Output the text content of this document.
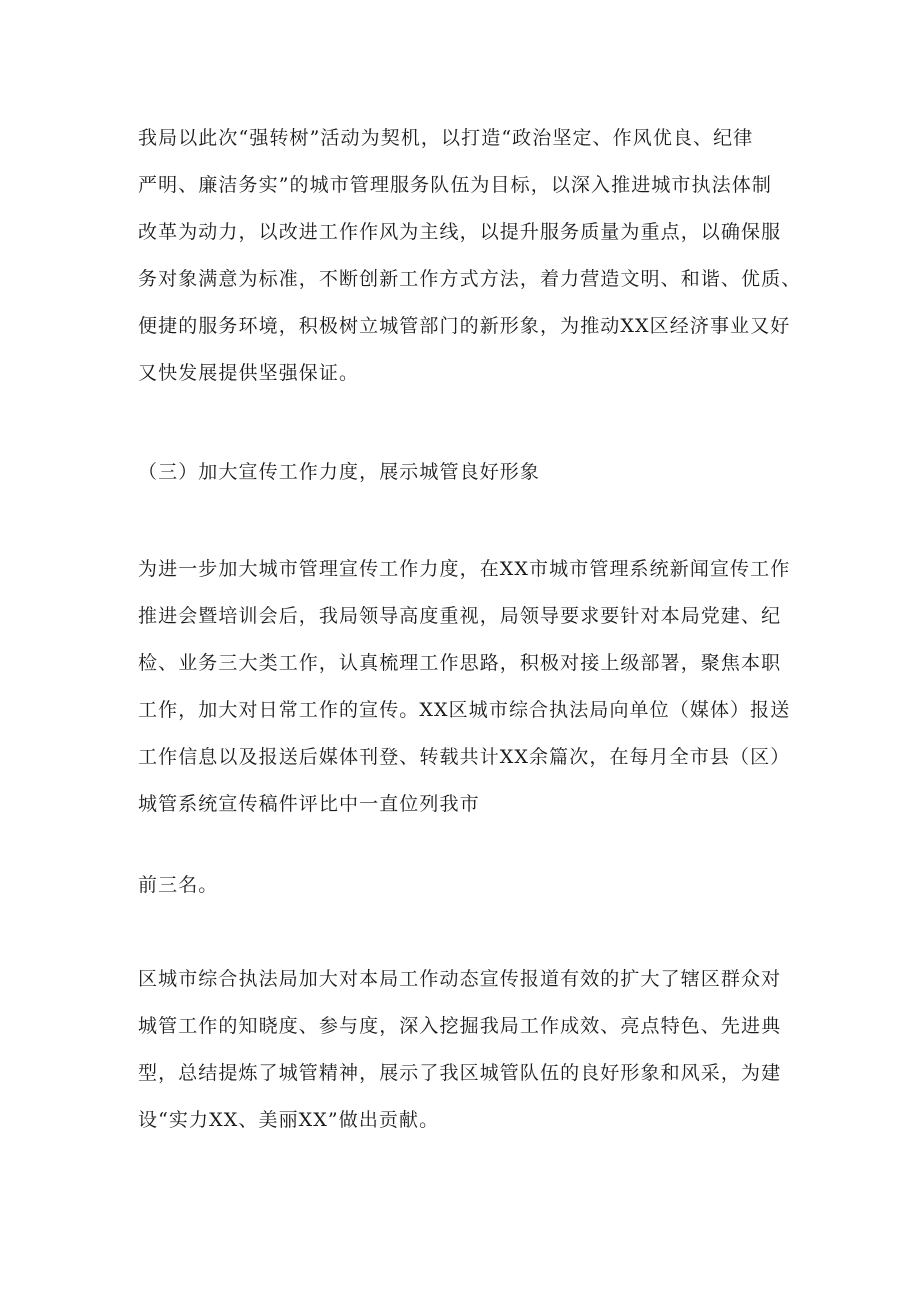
我局以此次“强转树”活动为契机，以打造“政治坚定、作风优良、纪律
严明、廉洁务实”的城市管理服务队伍为目标，以深入推进城市执法体制
改革为动力，以改进工作作风为主线，以提升服务质量为重点，以确保服
务对象满意为标准，不断创新工作方式方法，着力营造文明、和谐、优质、
便捷的服务环境，积极树立城管部门的新形象，为推动XX区经济事业又好
又快发展提供坚强保证。
（三）加大宣传工作力度，展示城管良好形象
为进一步加大城市管理宣传工作力度，在XX市城市管理系统新闻宣传工作
推进会暨培训会后，我局领导高度重视，局领导要求要针对本局党建、纪
检、业务三大类工作，认真梳理工作思路，积极对接上级部署，聚焦本职
工作，加大对日常工作的宣传。XX区城市综合执法局向单位（媒体）报送
工作信息以及报送后媒体刊登、转载共计XX余篇次，在每月全市县（区）
城管系统宣传稿件评比中一直位列我市
前三名。
区城市综合执法局加大对本局工作动态宣传报道有效的扩大了辖区群众对
城管工作的知晓度、参与度，深入挖掘我局工作成效、亮点特色、先进典
型，总结提炼了城管精神，展示了我区城管队伍的良好形象和风采，为建
设“实力XX、美丽XX”做出贡献。
